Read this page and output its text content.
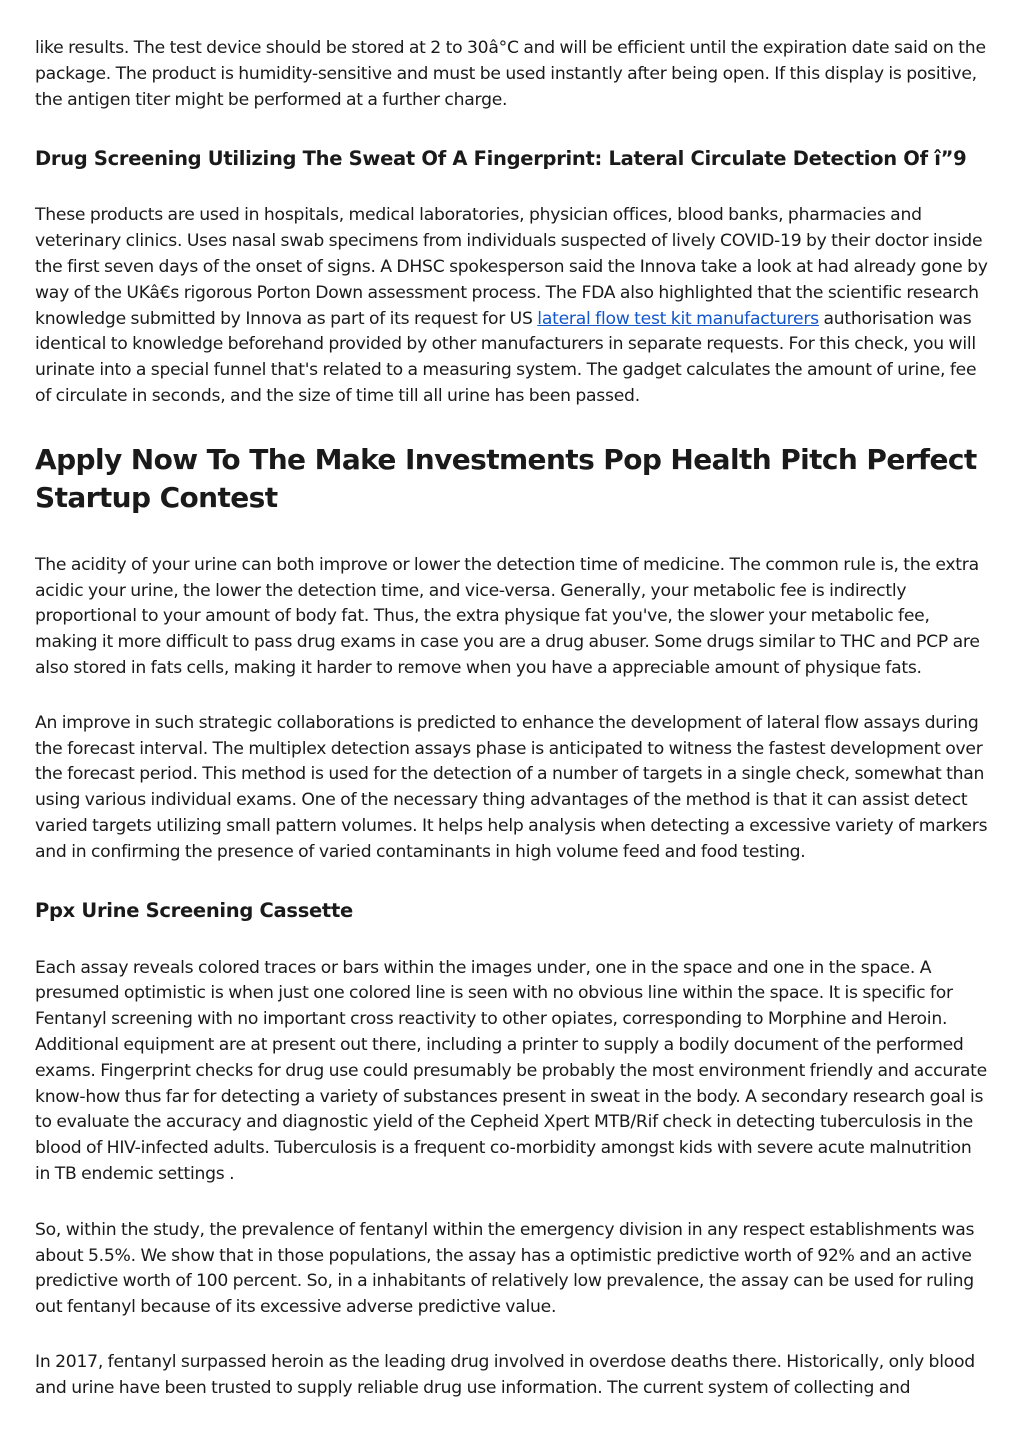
like results. The test device should be stored at 2 to 30â°C and will be efficient until the expiration date said on the package. The product is humidity-sensitive and must be used instantly after being open. If this display is positive, the antigen titer might be performed at a further charge.

Drug Screening Utilizing The Sweat Of A Fingerprint: Lateral Circulate Detection Of î”9

These products are used in hospitals, medical laboratories, physician offices, blood banks, pharmacies and veterinary clinics. Uses nasal swab specimens from individuals suspected of lively COVID-19 by their doctor inside the first seven days of the onset of signs. A DHSC spokesperson said the Innova take a look at had already gone by way of the UKâ€s rigorous Porton Down assessment process. The FDA also highlighted that the scientific research knowledge submitted by Innova as part of its request for US lateral flow test kit manufacturers authorisation was identical to knowledge beforehand provided by other manufacturers in separate requests. For this check, you will urinate into a special funnel that's related to a measuring system. The gadget calculates the amount of urine, fee of circulate in seconds, and the size of time till all urine has been passed.

Apply Now To The Make Investments Pop Health Pitch Perfect Startup Contest

The acidity of your urine can both improve or lower the detection time of medicine. The common rule is, the extra acidic your urine, the lower the detection time, and vice-versa. Generally, your metabolic fee is indirectly proportional to your amount of body fat. Thus, the extra physique fat you've, the slower your metabolic fee, making it more difficult to pass drug exams in case you are a drug abuser. Some drugs similar to THC and PCP are also stored in fats cells, making it harder to remove when you have a appreciable amount of physique fats.

An improve in such strategic collaborations is predicted to enhance the development of lateral flow assays during the forecast interval. The multiplex detection assays phase is anticipated to witness the fastest development over the forecast period. This method is used for the detection of a number of targets in a single check, somewhat than using various individual exams. One of the necessary thing advantages of the method is that it can assist detect varied targets utilizing small pattern volumes. It helps help analysis when detecting a excessive variety of markers and in confirming the presence of varied contaminants in high volume feed and food testing.

Ppx Urine Screening Cassette

Each assay reveals colored traces or bars within the images under, one in the space and one in the space. A presumed optimistic is when just one colored line is seen with no obvious line within the space. It is specific for Fentanyl screening with no important cross reactivity to other opiates, corresponding to Morphine and Heroin. Additional equipment are at present out there, including a printer to supply a bodily document of the performed exams. Fingerprint checks for drug use could presumably be probably the most environment friendly and accurate know-how thus far for detecting a variety of substances present in sweat in the body. A secondary research goal is to evaluate the accuracy and diagnostic yield of the Cepheid Xpert MTB/Rif check in detecting tuberculosis in the blood of HIV-infected adults. Tuberculosis is a frequent co-morbidity amongst kids with severe acute malnutrition in TB endemic settings .

So, within the study, the prevalence of fentanyl within the emergency division in any respect establishments was about 5.5%. We show that in those populations, the assay has a optimistic predictive worth of 92% and an active predictive worth of 100 percent. So, in a inhabitants of relatively low prevalence, the assay can be used for ruling out fentanyl because of its excessive adverse predictive value.

In 2017, fentanyl surpassed heroin as the leading drug involved in overdose deaths there. Historically, only blood and urine have been trusted to supply reliable drug use information. The current system of collecting and
